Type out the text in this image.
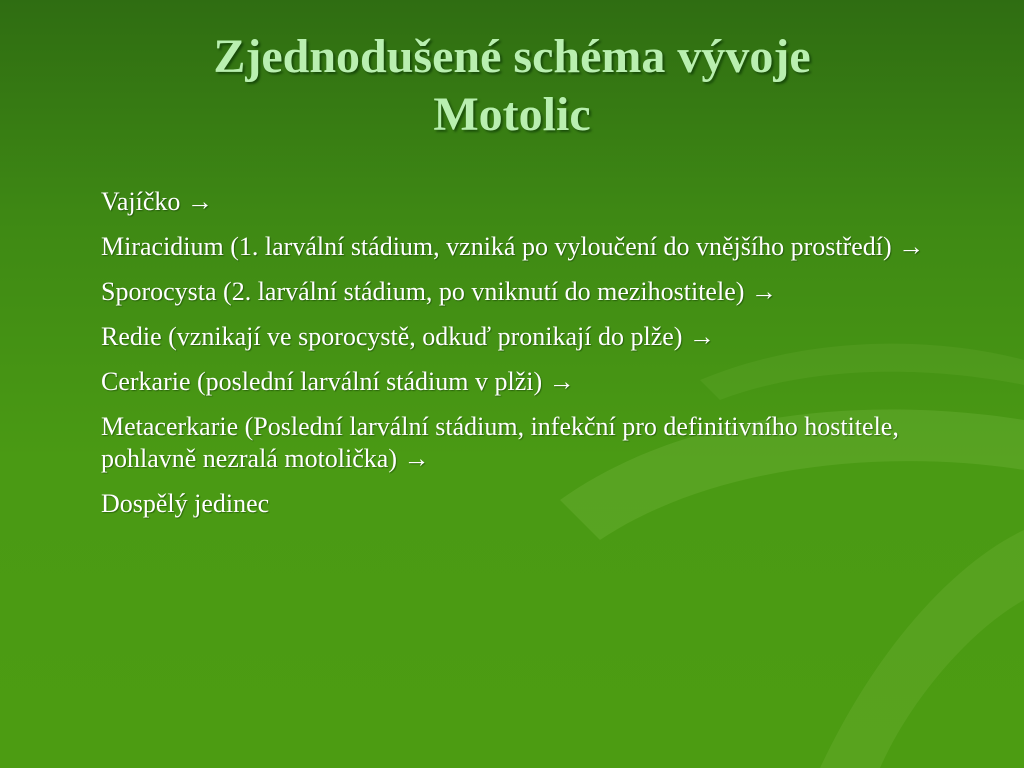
Zjednodušené schéma vývoje
Motolic
Vajíčko →
Miracidium (1. larvální stádium, vzniká po vyloučení do vnějšího prostředí) →
Sporocysta (2. larvální stádium, po vniknutí do mezihostitele) →
Redie (vznikají ve sporocystě, odkuď pronikají do plže) →
Cerkarie (poslední larvální stádium v plži) →
Metacerkarie (Poslední larvální stádium, infekční pro definitivního hostitele, pohlavně nezralá motolička) →
Dospělý jedinec
